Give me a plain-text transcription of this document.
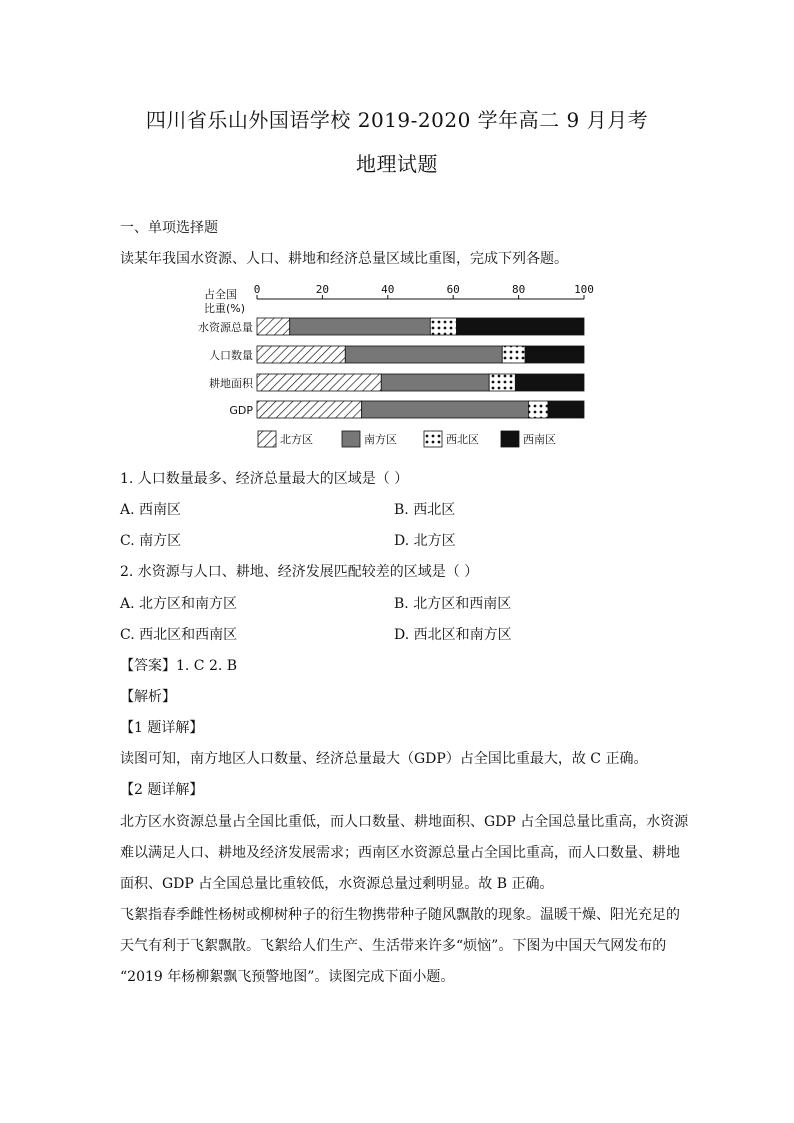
四川省乐山外国语学校 2019-2020 学年高二 9 月月考
地理试题
一、单项选择题
读某年我国水资源、人口、耕地和经济总量区域比重图，完成下列各题。
占全国
比重(%)
0	20	40	60	80	100
水资源总量
人口数量
耕地面积
GDP
北方区	南方区	西北区	西南区
1. 人口数量最多、经济总量最大的区域是（ ）
A. 西南区	B. 西北区
C. 南方区	D. 北方区
2. 水资源与人口、耕地、经济发展匹配较差的区域是（ ）
A. 北方区和南方区	B. 北方区和西南区
C. 西北区和西南区	D. 西北区和南方区
【答案】1. C 2. B
【解析】
【1 题详解】
读图可知，南方地区人口数量、经济总量最大（GDP）占全国比重最大，故 C 正确。
【2 题详解】
北方区水资源总量占全国比重低，而人口数量、耕地面积、GDP 占全国总量比重高，水资源
难以满足人口、耕地及经济发展需求；西南区水资源总量占全国比重高，而人口数量、耕地
面积、GDP 占全国总量比重较低，水资源总量过剩明显。故 B 正确。
飞絮指春季雌性杨树或柳树种子的衍生物携带种子随风飘散的现象。温暖干燥、阳光充足的
天气有利于飞絮飘散。飞絮给人们生产、生活带来许多“烦恼”。下图为中国天气网发布的
“2019 年杨柳絮飘飞预警地图”。读图完成下面小题。
